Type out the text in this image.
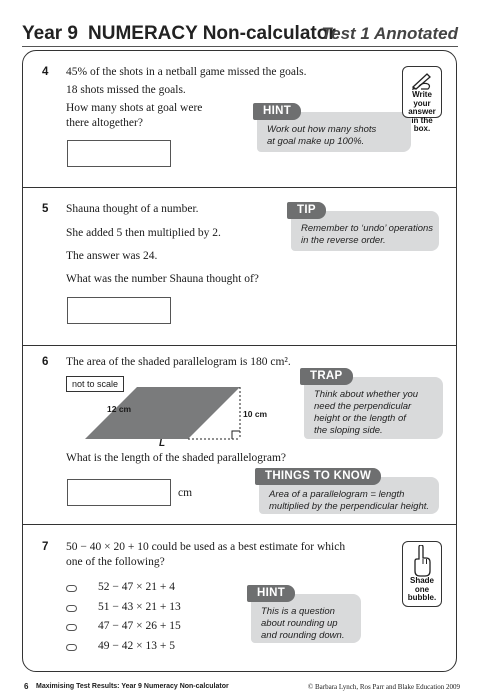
Year 9 NUMERACY Non-calculator
Test 1 Annotated
4 45% of the shots in a netball game missed the goals.
18 shots missed the goals.
How many shots at goal were
there altogether?
HINT
Work out how many shots
at goal make up 100%.
Write your
answer
in the box.
5 Shauna thought of a number.
She added 5 then multiplied by 2.
The answer was 24.
What was the number Shauna thought of?
TIP
Remember to ‘undo’ operations
in the reverse order.
6 The area of the shaded parallelogram is 180 cm².
not to scale
12 cm	10 cm
L
What is the length of the shaded parallelogram?
cm
TRAP
Think about whether you
need the perpendicular
height or the length of
the sloping side.
THINGS TO KNOW
Area of a parallelogram = length
multiplied by the perpendicular height.
7 50 − 40 × 20 + 10 could be used as a best estimate for which
one of the following?
52 − 47 × 21 + 4
51 − 43 × 21 + 13
47 − 47 × 26 + 15
49 − 42 × 13 + 5
HINT
This is a question
about rounding up
and rounding down.
Shade
one
bubble.
6 Maximising Test Results: Year 9 Numeracy Non-calculator	© Barbara Lynch, Ros Parr and Blake Education 2009
